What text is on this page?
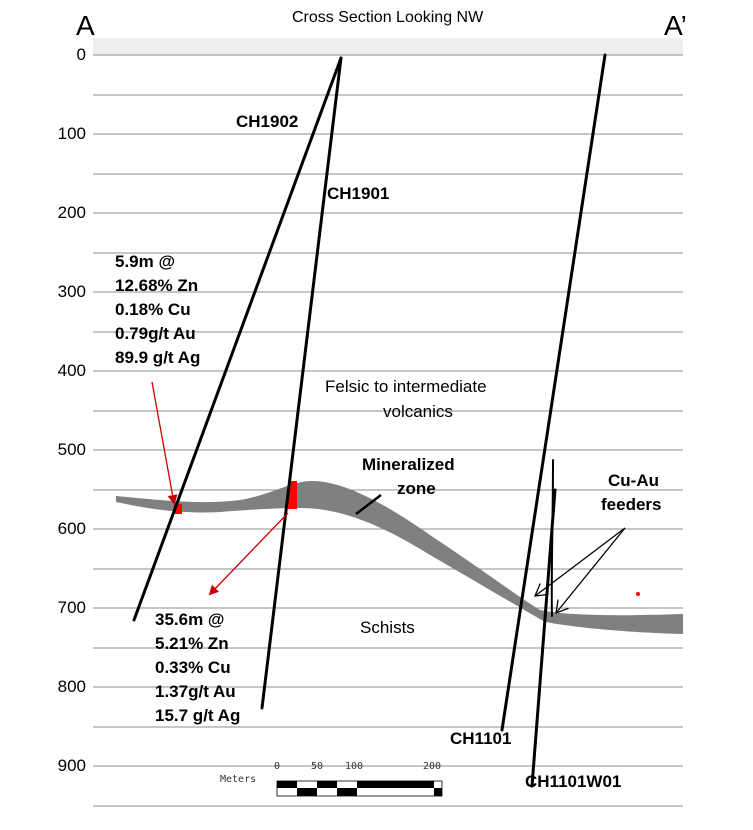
Cross Section Looking NW
A	A’
0
100
200
300
400
500
600
700
800
900
CH1902
CH1901
CH1101
CH1101W01
Felsic to intermediate
volcanics
Schists
Mineralized
zone	Cu-Au
feeders
5.9m @
12.68% Zn
0.18% Cu
0.79g/t Au
89.9 g/t Ag
35.6m @
5.21% Zn
0.33% Cu
1.37g/t Au
15.7 g/t Ag
Meters
0	50 100	200
